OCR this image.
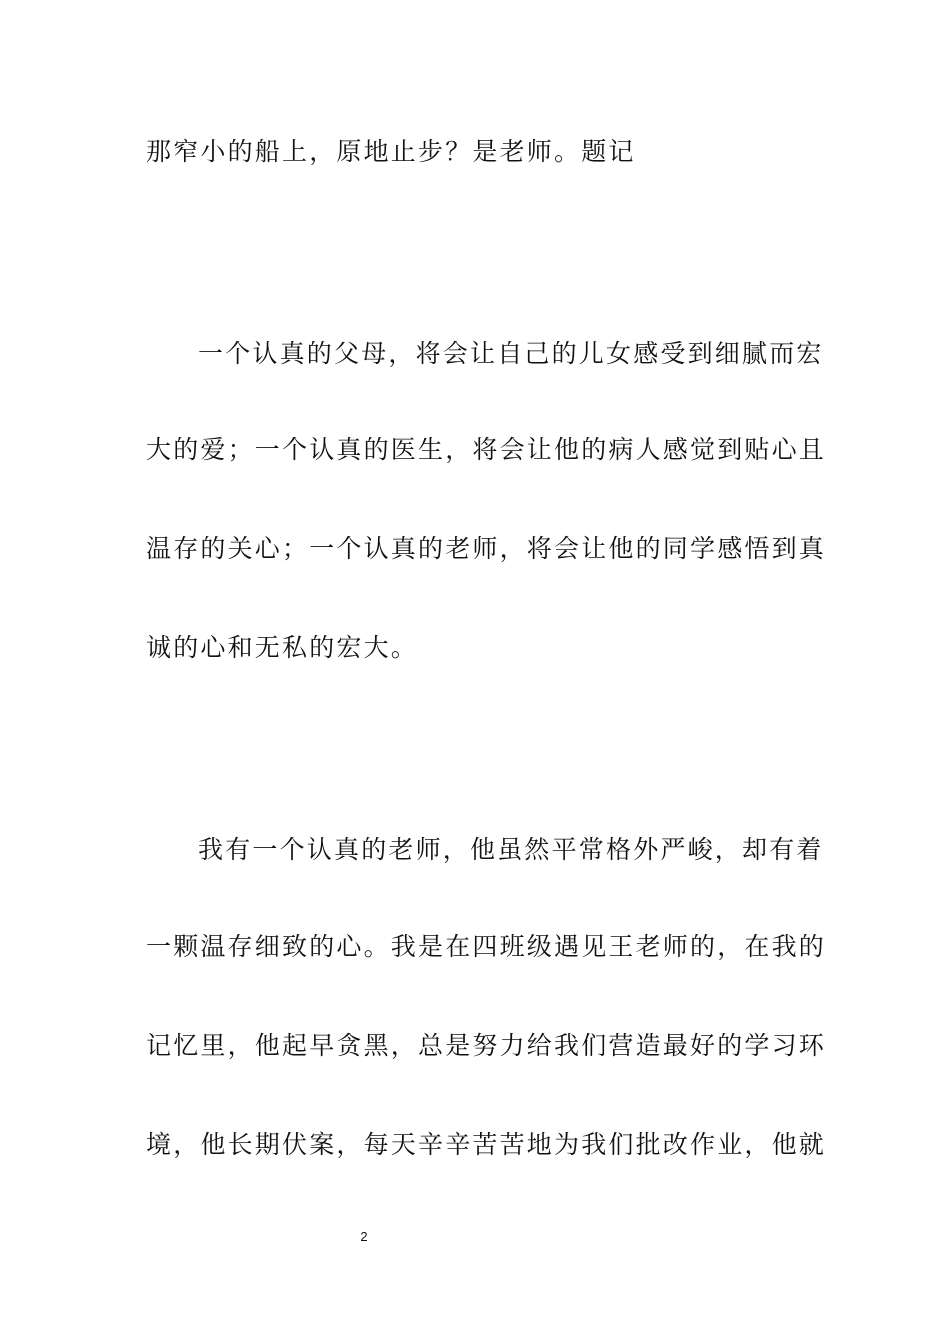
那窄小的船上，原地止步？是老师。题记
一个认真的父母，将会让自己的儿女感受到细腻而宏
大的爱；一个认真的医生，将会让他的病人感觉到贴心且
温存的关心；一个认真的老师，将会让他的同学感悟到真
诚的心和无私的宏大。
我有一个认真的老师，他虽然平常格外严峻，却有着
一颗温存细致的心。我是在四班级遇见王老师的，在我的
记忆里，他起早贪黑，总是努力给我们营造最好的学习环
境，他长期伏案，每天辛辛苦苦地为我们批改作业，他就
2
